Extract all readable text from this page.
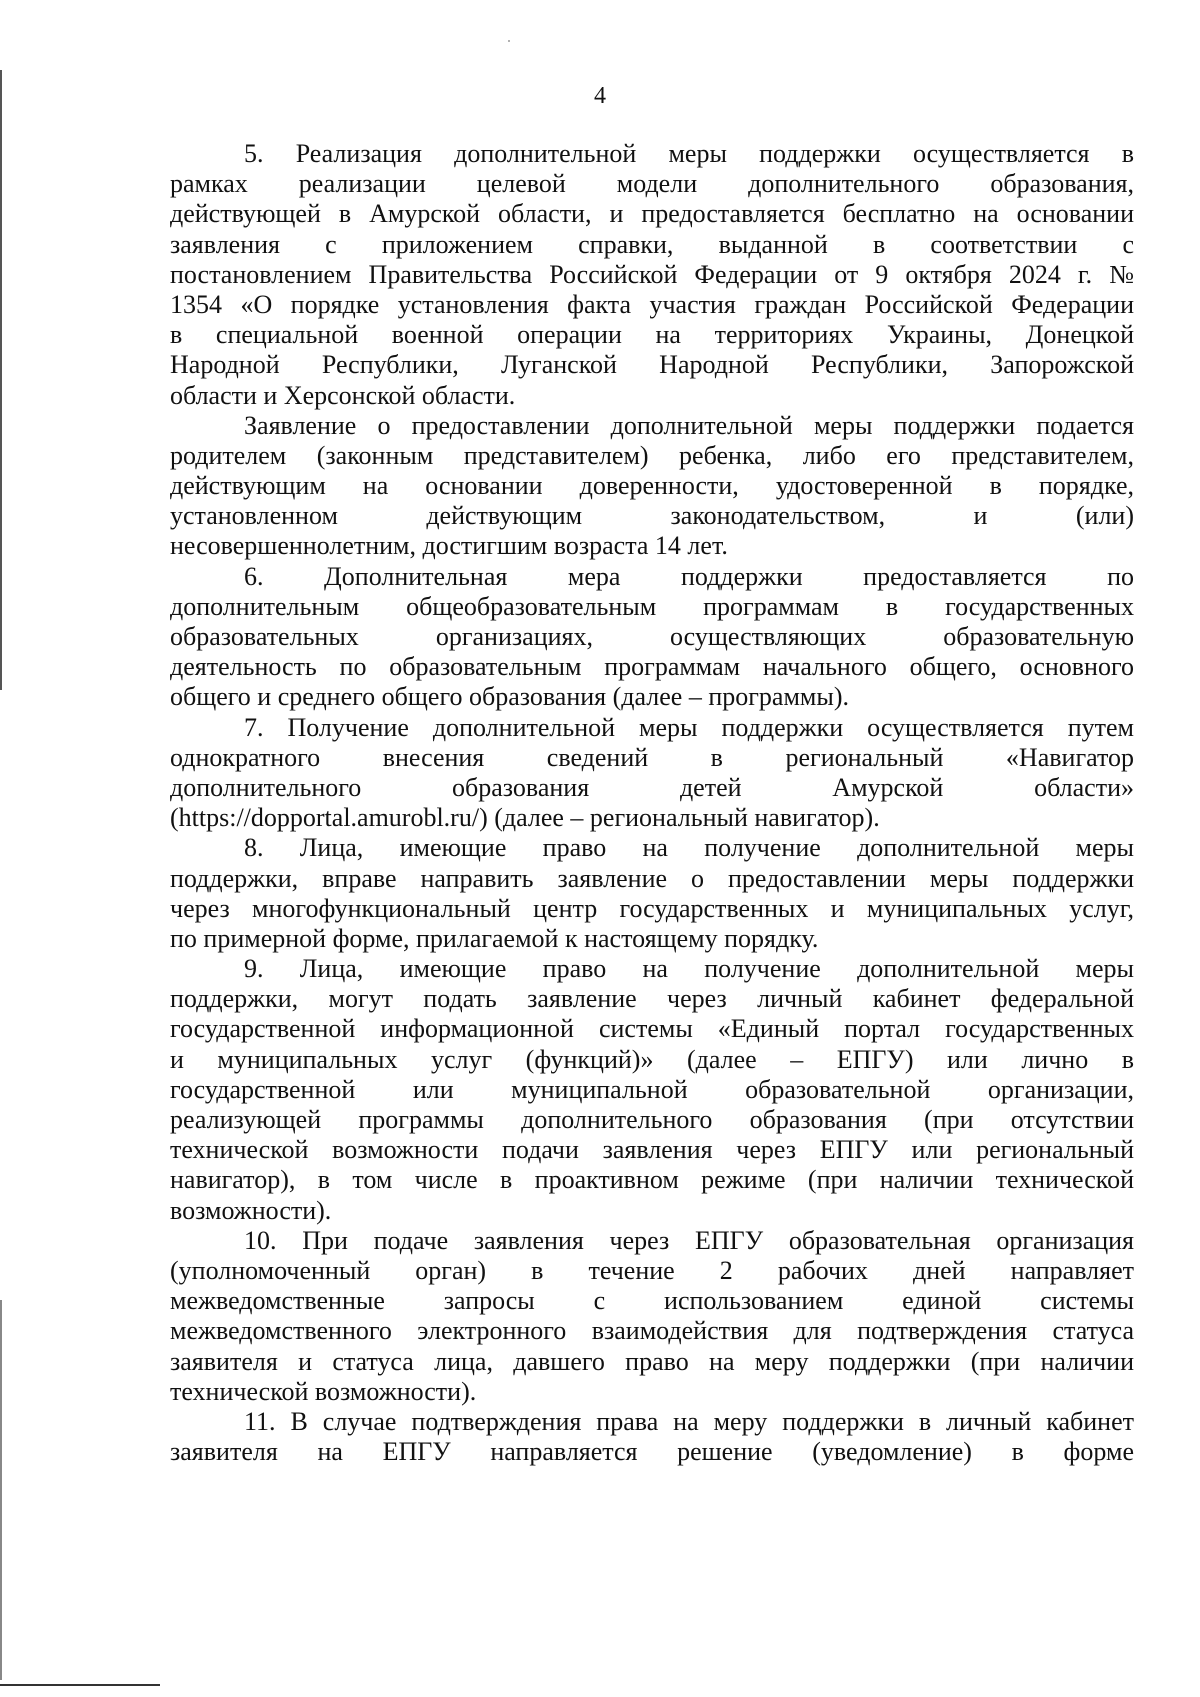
4
5. Реализация дополнительной меры поддержки осуществляется в
рамках реализации целевой модели дополнительного образования,
действующей в Амурской области, и предоставляется бесплатно на основании
заявления с приложением справки, выданной в соответствии с
постановлением Правительства Российской Федерации от 9 октября 2024 г. №
1354 «О порядке установления факта участия граждан Российской Федерации
в специальной военной операции на территориях Украины, Донецкой
Народной Республики, Луганской Народной Республики, Запорожской
области и Херсонской области.
Заявление о предоставлении дополнительной меры поддержки подается
родителем (законным представителем) ребенка, либо его представителем,
действующим на основании доверенности, удостоверенной в порядке,
установленном действующим законодательством, и (или)
несовершеннолетним, достигшим возраста 14 лет.
6. Дополнительная мера поддержки предоставляется по
дополнительным общеобразовательным программам в государственных
образовательных организациях, осуществляющих образовательную
деятельность по образовательным программам начального общего, основного
общего и среднего общего образования (далее – программы).
7. Получение дополнительной меры поддержки осуществляется путем
однократного внесения сведений в региональный «Навигатор
дополнительного образования детей Амурской области»
(https://dopportal.amurobl.ru/) (далее – региональный навигатор).
8. Лица, имеющие право на получение дополнительной меры
поддержки, вправе направить заявление о предоставлении меры поддержки
через многофункциональный центр государственных и муниципальных услуг,
по примерной форме, прилагаемой к настоящему порядку.
9. Лица, имеющие право на получение дополнительной меры
поддержки, могут подать заявление через личный кабинет федеральной
государственной информационной системы «Единый портал государственных
и муниципальных услуг (функций)» (далее – ЕПГУ) или лично в
государственной или муниципальной образовательной организации,
реализующей программы дополнительного образования (при отсутствии
технической возможности подачи заявления через ЕПГУ или региональный
навигатор), в том числе в проактивном режиме (при наличии технической
возможности).
10. При подаче заявления через ЕПГУ образовательная организация
(уполномоченный орган) в течение 2 рабочих дней направляет
межведомственные запросы с использованием единой системы
межведомственного электронного взаимодействия для подтверждения статуса
заявителя и статуса лица, давшего право на меру поддержки (при наличии
технической возможности).
11. В случае подтверждения права на меру поддержки в личный кабинет
заявителя на ЕПГУ направляется решение (уведомление) в форме
